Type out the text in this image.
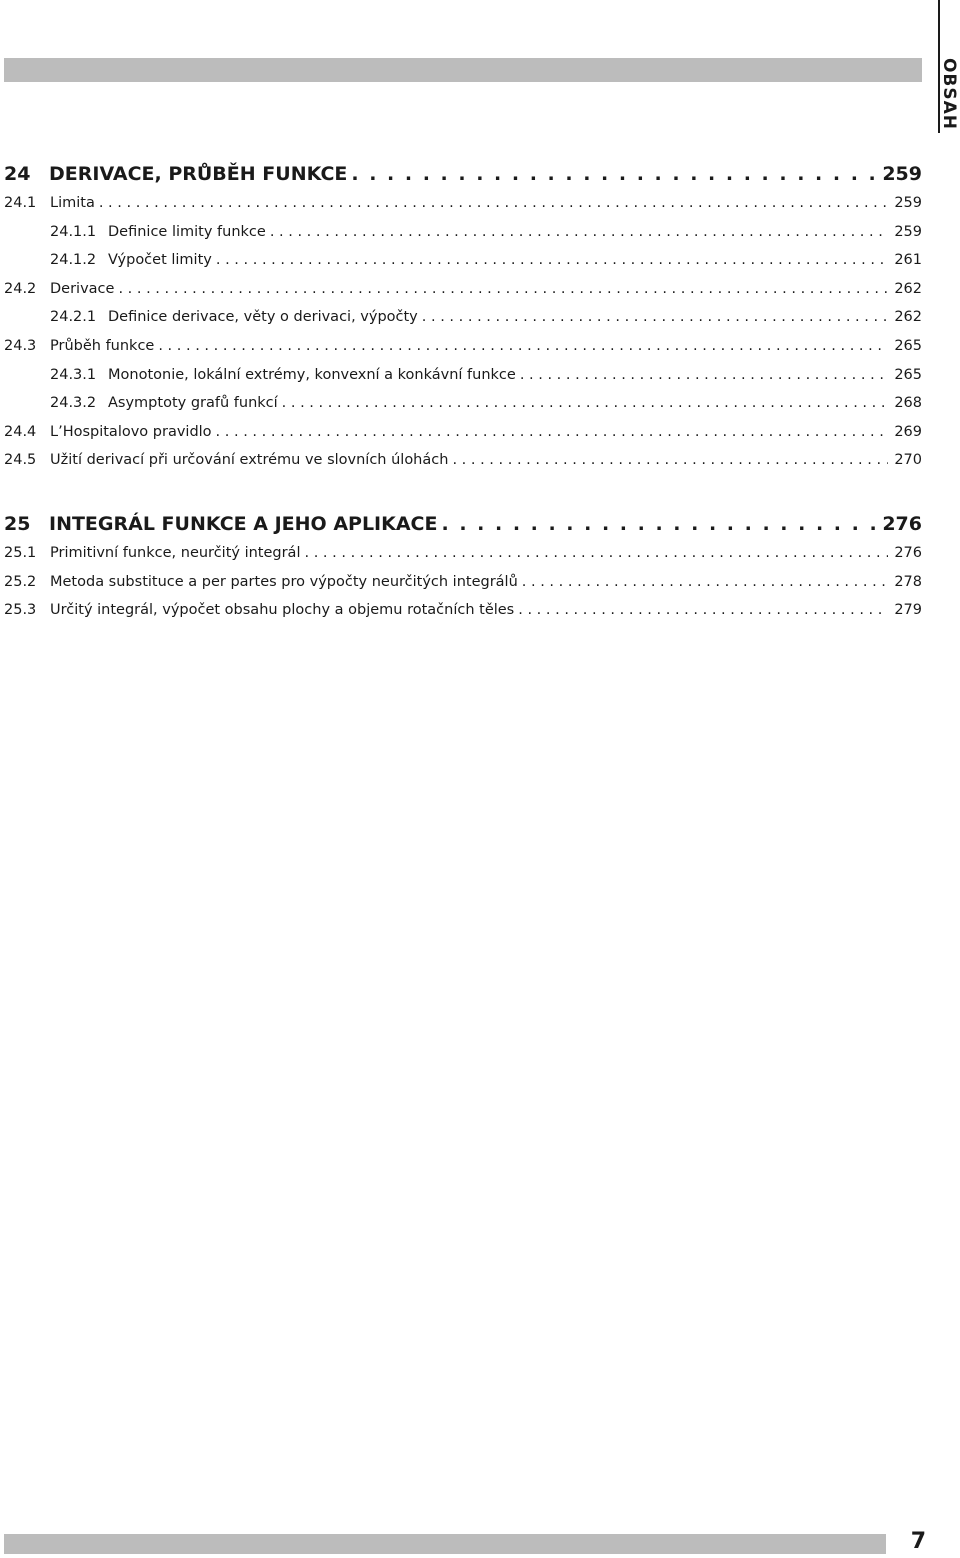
OBSAH
24 DERIVACE, PRŮBĚH FUNKCE . . .	259
24.1 Limita . . .	259
24.1.1 Definice limity funkce . . .	259
24.1.2 Výpočet limity . . .	261
24.2 Derivace . . .	262
24.2.1 Definice derivace, věty o derivaci, výpočty . . .	262
24.3 Průběh funkce . . .	265
24.3.1 Monotonie, lokální extrémy, konvexní a konkávní funkce . . .	265
24.3.2 Asymptoty grafů funkcí . . .	268
24.4 L’Hospitalovo pravidlo . . .	269
24.5 Užití derivací při určování extrému ve slovních úlohách . . .	270
25 INTEGRÁL FUNKCE A JEHO APLIKACE . . .	276
25.1 Primitivní funkce, neurčitý integrál . . .	276
25.2 Metoda substituce a per partes pro výpočty neurčitých integrálů . . .	278
25.3 Určitý integrál, výpočet obsahu plochy a objemu rotačních těles . . .	279
7
